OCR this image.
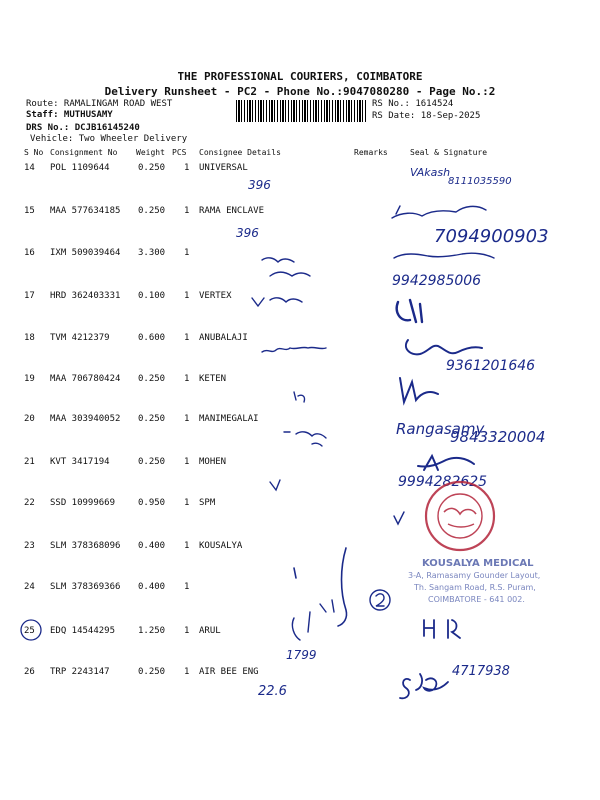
THE PROFESSIONAL COURIERS, COIMBATORE
Delivery Runsheet - PC2 - Phone No.:9047080280 - Page No.:2
Route: RAMALINGAM ROAD WEST
Staff: MUTHUSAMY
DRS No.: DCJB16145240
Vehicle: Two Wheeler Delivery
RS No.: 1614524
RS Date: 18-Sep-2025
S No Consignment No Weight PCS Consignee Details	Remarks	Seal & Signature
14 POL 1109644	0.250 1 UNIVERSAL
15 MAA 577634185 0.250 1 RAMA ENCLAVE
16 IXM 509039464 3.300 1
17 HRD 362403331 0.100 1 VERTEX
18 TVM 4212379	0.600 1 ANUBALAJI
19 MAA 706780424 0.250 1 KETEN
20 MAA 303940052 0.250 1 MANIMEGALAI
21 KVT 3417194	0.250 1 MOHEN
22 SSD 10999669	0.950 1 SPM
23 SLM 378368096 0.400 1 KOUSALYA
24 SLM 378369366 0.400 1
25 EDQ 14544295	1.250 1 ARUL
26 TRP 2243147	0.250 1 AIR BEE ENG
VAkash
8111035590
396
7094900903
396
9942985006
9361201646
Rangasamy
9843320004
9994282625
1799
22.6
4717938
KOUSALYA MEDICAL
3-A, Ramasamy Gounder Layout,
Th. Sangam Road, R.S. Puram,
COIMBATORE - 641 002.
